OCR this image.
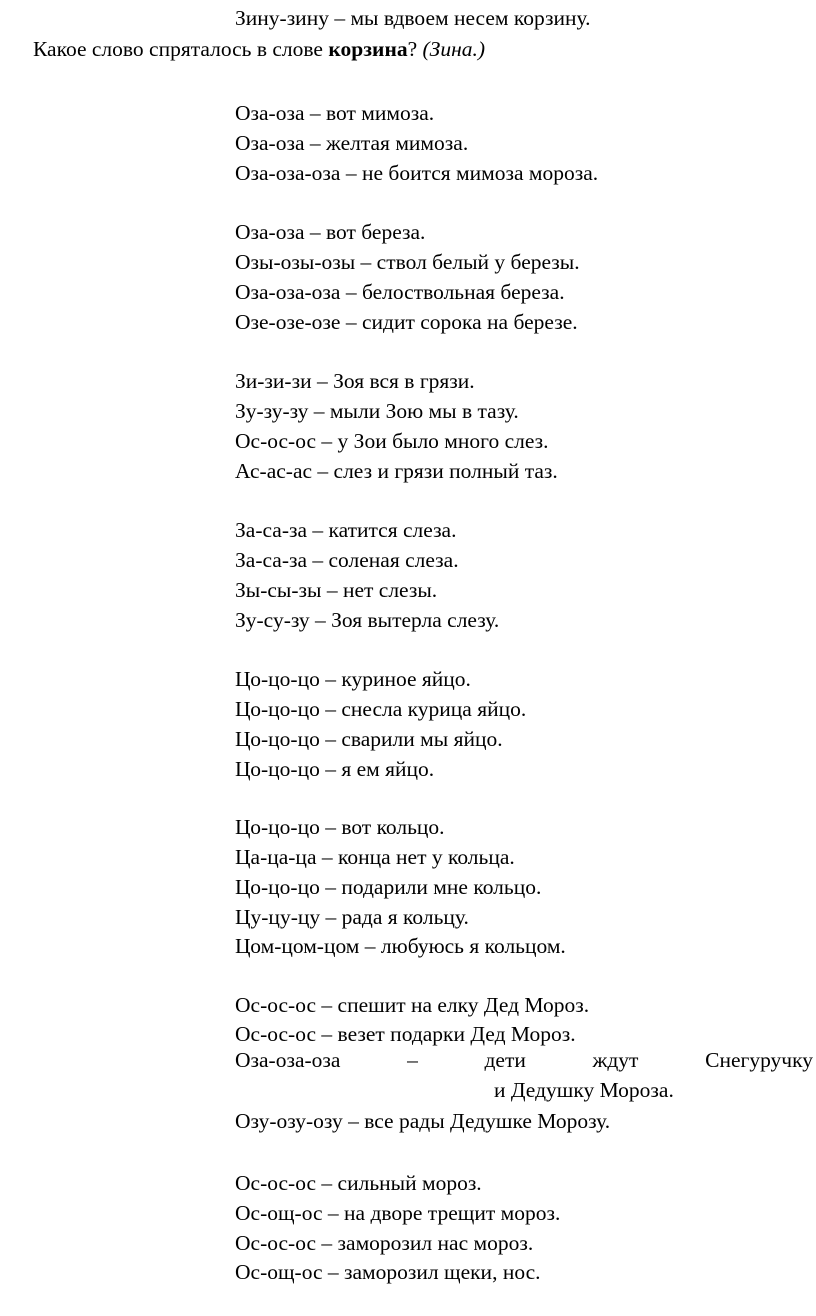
Зину-зину – мы вдвоем несем корзину.
Какое слово спряталось в слове корзина? (Зина.)
Оза-оза – вот мимоза.
Оза-оза – желтая мимоза.
Оза-оза-оза – не боится мимоза мороза.
Оза-оза – вот береза.
Озы-озы-озы – ствол белый у березы.
Оза-оза-оза – белоствольная береза.
Озе-озе-озе – сидит сорока на березе.
Зи-зи-зи – Зоя вся в грязи.
Зу-зу-зу – мыли Зою мы в тазу.
Ос-ос-ос – у Зои было много слез.
Ас-ас-ас – слез и грязи полный таз.
За-са-за – катится слеза.
За-са-за – соленая слеза.
Зы-сы-зы – нет слезы.
Зу-су-зу – Зоя вытерла слезу.
Цо-цо-цо – куриное яйцо.
Цо-цо-цо – снесла курица яйцо.
Цо-цо-цо – сварили мы яйцо.
Цо-цо-цо – я ем яйцо.
Цо-цо-цо – вот кольцо.
Ца-ца-ца – конца нет у кольца.
Цо-цо-цо – подарили мне кольцо.
Цу-цу-цу – рада я кольцу.
Цом-цом-цом – любуюсь я кольцом.
Ос-ос-ос – спешит на елку Дед Мороз.
Ос-ос-ос – везет подарки Дед Мороз.
Оза-оза-оза	–	дети	ждут	Снегуручку
и Дедушку Мороза.
Озу-озу-озу – все рады Дедушке Морозу.
Ос-ос-ос – сильный мороз.
Ос-ощ-ос – на дворе трещит мороз.
Ос-ос-ос – заморозил нас мороз.
Ос-ощ-ос – заморозил щеки, нос.
